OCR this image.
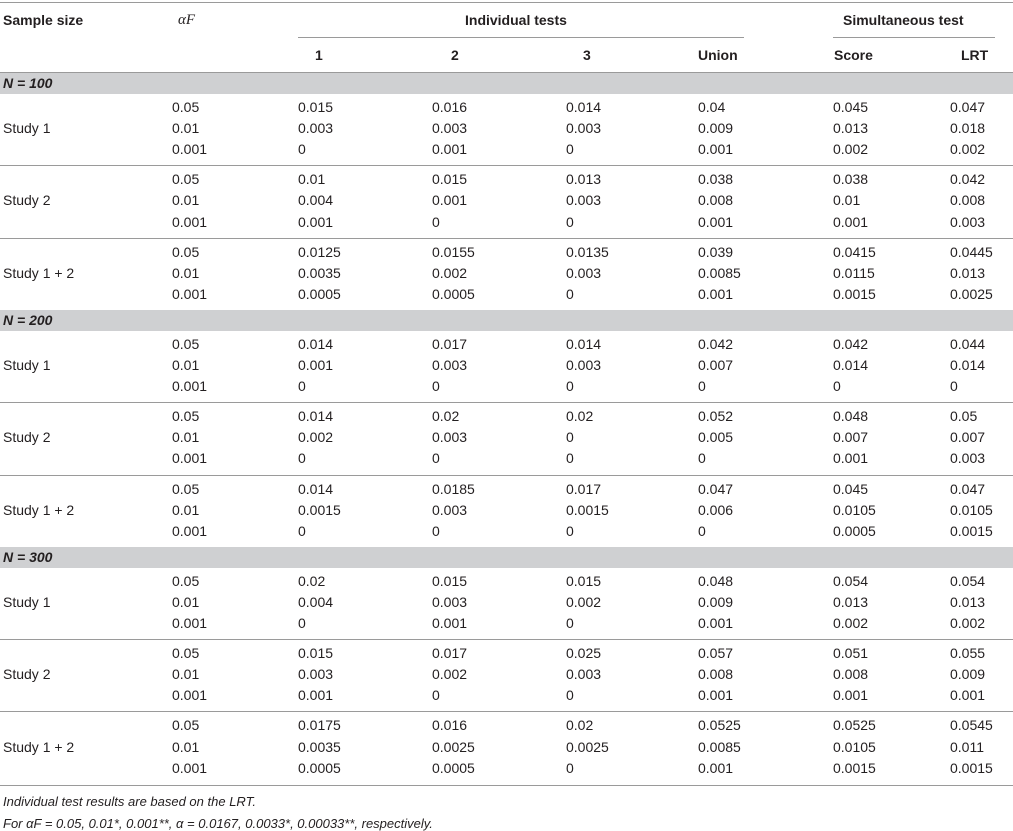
Sample size	αF	Individual tests	Simultaneous test
1	2	3	Union	Score	LRT
N = 100
Study 1
0.05	0.015	0.016	0.014	0.04	0.045	0.047
0.01	0.003	0.003	0.003	0.009	0.013	0.018
0.001	0	0.001	0	0.001	0.002	0.002
Study 2
0.05	0.01	0.015	0.013	0.038	0.038	0.042
0.01	0.004	0.001	0.003	0.008	0.01	0.008
0.001	0.001	0	0	0.001	0.001	0.003
Study 1 + 2
0.05	0.0125	0.0155	0.0135	0.039	0.0415	0.0445
0.01	0.0035	0.002	0.003	0.0085	0.0115	0.013
0.001	0.0005	0.0005	0	0.001	0.0015	0.0025
N = 200
Study 1
0.05	0.014	0.017	0.014	0.042	0.042	0.044
0.01	0.001	0.003	0.003	0.007	0.014	0.014
0.001	0	0	0	0	0	0
Study 2
0.05	0.014	0.02	0.02	0.052	0.048	0.05
0.01	0.002	0.003	0	0.005	0.007	0.007
0.001	0	0	0	0	0.001	0.003
Study 1 + 2
0.05	0.014	0.0185	0.017	0.047	0.045	0.047
0.01	0.0015	0.003	0.0015	0.006	0.0105	0.0105
0.001	0	0	0	0	0.0005	0.0015
N = 300
Study 1
0.05	0.02	0.015	0.015	0.048	0.054	0.054
0.01	0.004	0.003	0.002	0.009	0.013	0.013
0.001	0	0.001	0	0.001	0.002	0.002
Study 2
0.05	0.015	0.017	0.025	0.057	0.051	0.055
0.01	0.003	0.002	0.003	0.008	0.008	0.009
0.001	0.001	0	0	0.001	0.001	0.001
Study 1 + 2
0.05	0.0175	0.016	0.02	0.0525	0.0525	0.0545
0.01	0.0035	0.0025	0.0025	0.0085	0.0105	0.011
0.001	0.0005	0.0005	0	0.001	0.0015	0.0015
Individual test results are based on the LRT.
For αF = 0.05, 0.01*, 0.001**, α = 0.0167, 0.0033*, 0.00033**, respectively.
